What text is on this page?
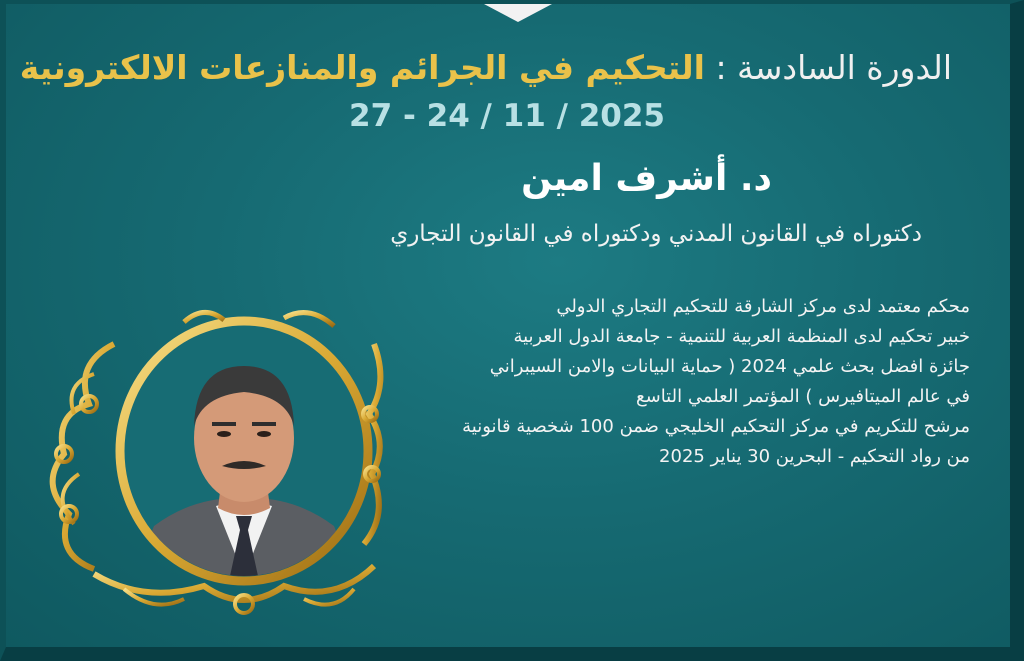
الدورة السادسة : التحكيم في الجرائم والمنازعات الالكترونية
27 - 24 / 11 / 2025
د. أشرف امين
دكتوراه في القانون المدني ودكتوراه في القانون التجاري
محكم معتمد لدى مركز الشارقة للتحكيم التجاري الدولي
خبير تحكيم لدى المنظمة العربية للتنمية - جامعة الدول العربية
جائزة افضل بحث علمي 2024 ( حماية البيانات والامن السيبراني
في عالم الميتافيرس ) المؤتمر العلمي التاسع
مرشح للتكريم في مركز التحكيم الخليجي ضمن 100 شخصية قانونية
من رواد التحكيم - البحرين 30 يناير 2025
